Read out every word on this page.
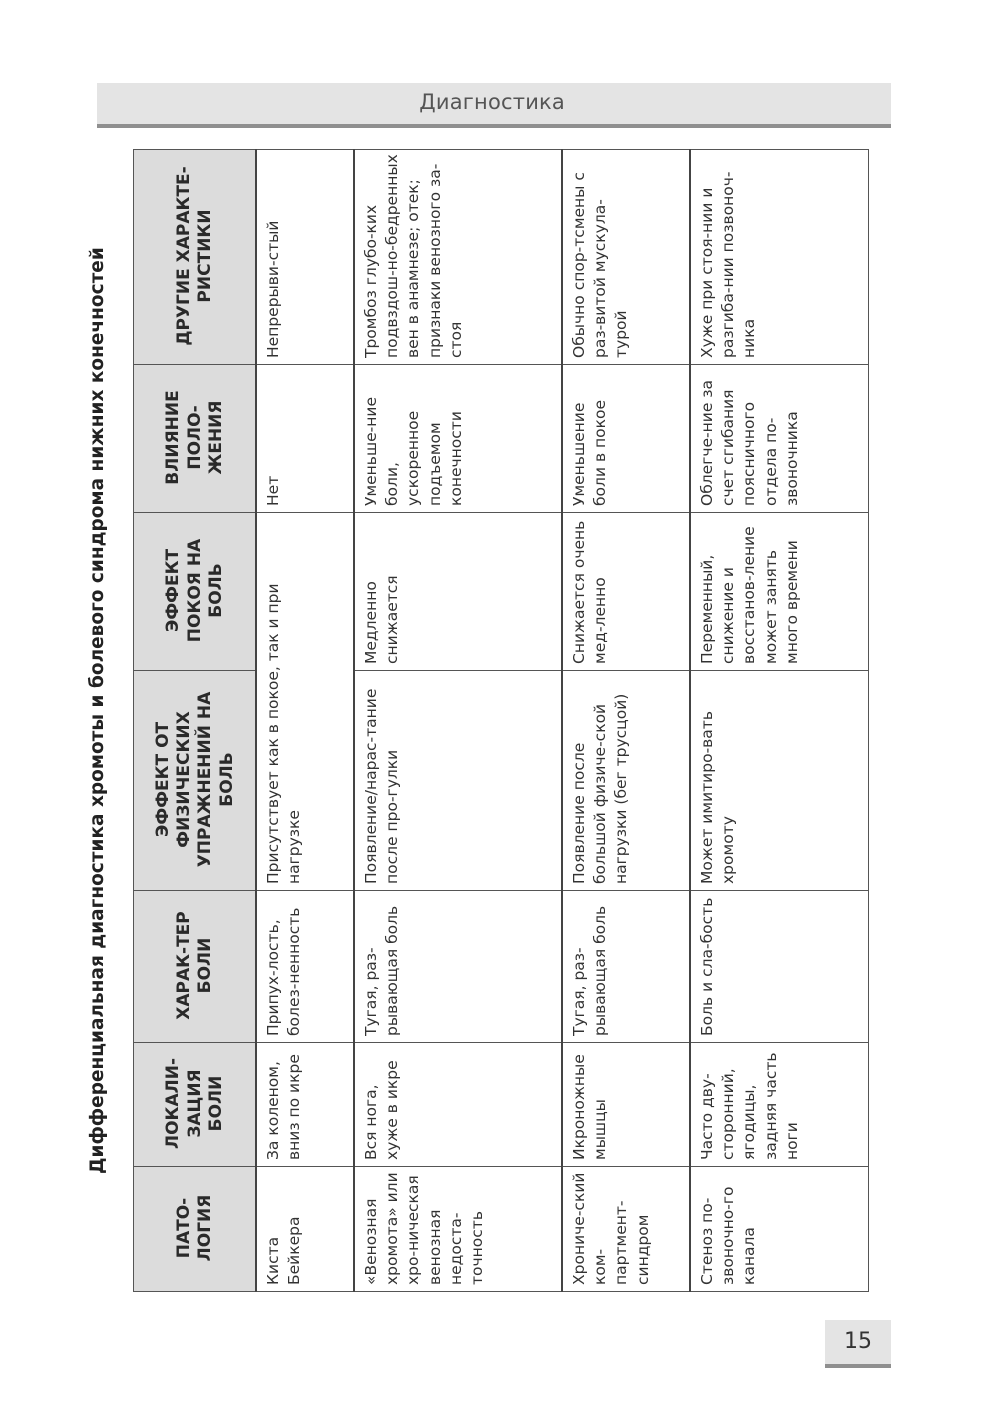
Диагностика
Дифференциальная диагностика хромоты и болевого синдрома нижних конечностей
ПАТО-ЛОГИЯ	ЛОКАЛИ-ЗАЦИЯ БОЛИ	ХАРАК-ТЕР БОЛИ	ЭФФЕКТ ОТ ФИЗИЧЕСКИХ УПРАЖНЕНИЙ НА БОЛЬ	ЭФФЕКТ ПОКОЯ НА БОЛЬ	ВЛИЯНИЕ ПОЛО-ЖЕНИЯ	ДРУГИЕ ХАРАКТЕ-РИСТИКИ
Киста Бейкера	За коленом, вниз по икре	Припух-лость, болез-ненность	Присутствует как в покое, так и при нагрузке		Нет	Непрерыви-стый
«Венозная хромота» или хро-ническая венозная недоста-точность	Вся нога, хуже в икре	Тугая, раз-рывающая боль	Появление/нарас-тание после про-гулки	Медленно снижается	Уменьше-ние боли, ускоренное подъемом конечности	Тромбоз глубо-ких подвздош-но-бедренных вен в анамнезе; отек; признаки венозного за-стоя
Хрониче-ский ком-партмент-синдром	Икроножные мышцы	Тугая, раз-рывающая боль	Появление после большой физиче-ской нагрузки (бег трусцой)	Снижается очень мед-ленно	Уменьшение боли в покое	Обычно спор-тсмены с раз-витой мускула-турой
Стеноз по-звоночно-го канала	Часто дву-сторонний, ягодицы, задняя часть ноги	Боль и сла-бость	Может имитиро-вать хромоту	Переменный, снижение и восстанов-ление может занять много времени	Облегче-ние за счет сгибания поясничного отдела по-звоночника	Хуже при стоя-нии и разгиба-нии позвоноч-ника
15
